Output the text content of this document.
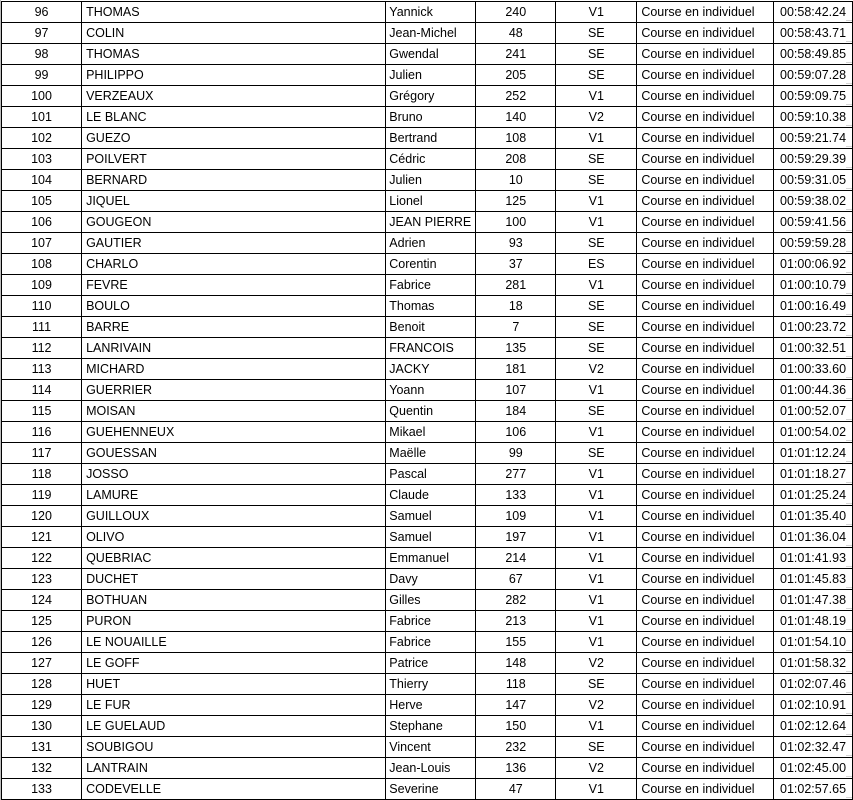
96	THOMAS	Yannick	240	V1	Course en individuel	00:58:42.24
97	COLIN	Jean-Michel	48	SE	Course en individuel	00:58:43.71
98	THOMAS	Gwendal	241	SE	Course en individuel	00:58:49.85
99	PHILIPPO	Julien	205	SE	Course en individuel	00:59:07.28
100	VERZEAUX	Grégory	252	V1	Course en individuel	00:59:09.75
101	LE BLANC	Bruno	140	V2	Course en individuel	00:59:10.38
102	GUEZO	Bertrand	108	V1	Course en individuel	00:59:21.74
103	POILVERT	Cédric	208	SE	Course en individuel	00:59:29.39
104	BERNARD	Julien	10	SE	Course en individuel	00:59:31.05
105	JIQUEL	Lionel	125	V1	Course en individuel	00:59:38.02
106	GOUGEON	JEAN PIERRE	100	V1	Course en individuel	00:59:41.56
107	GAUTIER	Adrien	93	SE	Course en individuel	00:59:59.28
108	CHARLO	Corentin	37	ES	Course en individuel	01:00:06.92
109	FEVRE	Fabrice	281	V1	Course en individuel	01:00:10.79
110	BOULO	Thomas	18	SE	Course en individuel	01:00:16.49
111	BARRE	Benoit	7	SE	Course en individuel	01:00:23.72
112	LANRIVAIN	FRANCOIS	135	SE	Course en individuel	01:00:32.51
113	MICHARD	JACKY	181	V2	Course en individuel	01:00:33.60
114	GUERRIER	Yoann	107	V1	Course en individuel	01:00:44.36
115	MOISAN	Quentin	184	SE	Course en individuel	01:00:52.07
116	GUEHENNEUX	Mikael	106	V1	Course en individuel	01:00:54.02
117	GOUESSAN	Maëlle	99	SE	Course en individuel	01:01:12.24
118	JOSSO	Pascal	277	V1	Course en individuel	01:01:18.27
119	LAMURE	Claude	133	V1	Course en individuel	01:01:25.24
120	GUILLOUX	Samuel	109	V1	Course en individuel	01:01:35.40
121	OLIVO	Samuel	197	V1	Course en individuel	01:01:36.04
122	QUEBRIAC	Emmanuel	214	V1	Course en individuel	01:01:41.93
123	DUCHET	Davy	67	V1	Course en individuel	01:01:45.83
124	BOTHUAN	Gilles	282	V1	Course en individuel	01:01:47.38
125	PURON	Fabrice	213	V1	Course en individuel	01:01:48.19
126	LE NOUAILLE	Fabrice	155	V1	Course en individuel	01:01:54.10
127	LE GOFF	Patrice	148	V2	Course en individuel	01:01:58.32
128	HUET	Thierry	118	SE	Course en individuel	01:02:07.46
129	LE FUR	Herve	147	V2	Course en individuel	01:02:10.91
130	LE GUELAUD	Stephane	150	V1	Course en individuel	01:02:12.64
131	SOUBIGOU	Vincent	232	SE	Course en individuel	01:02:32.47
132	LANTRAIN	Jean-Louis	136	V2	Course en individuel	01:02:45.00
133	CODEVELLE	Severine	47	V1	Course en individuel	01:02:57.65
